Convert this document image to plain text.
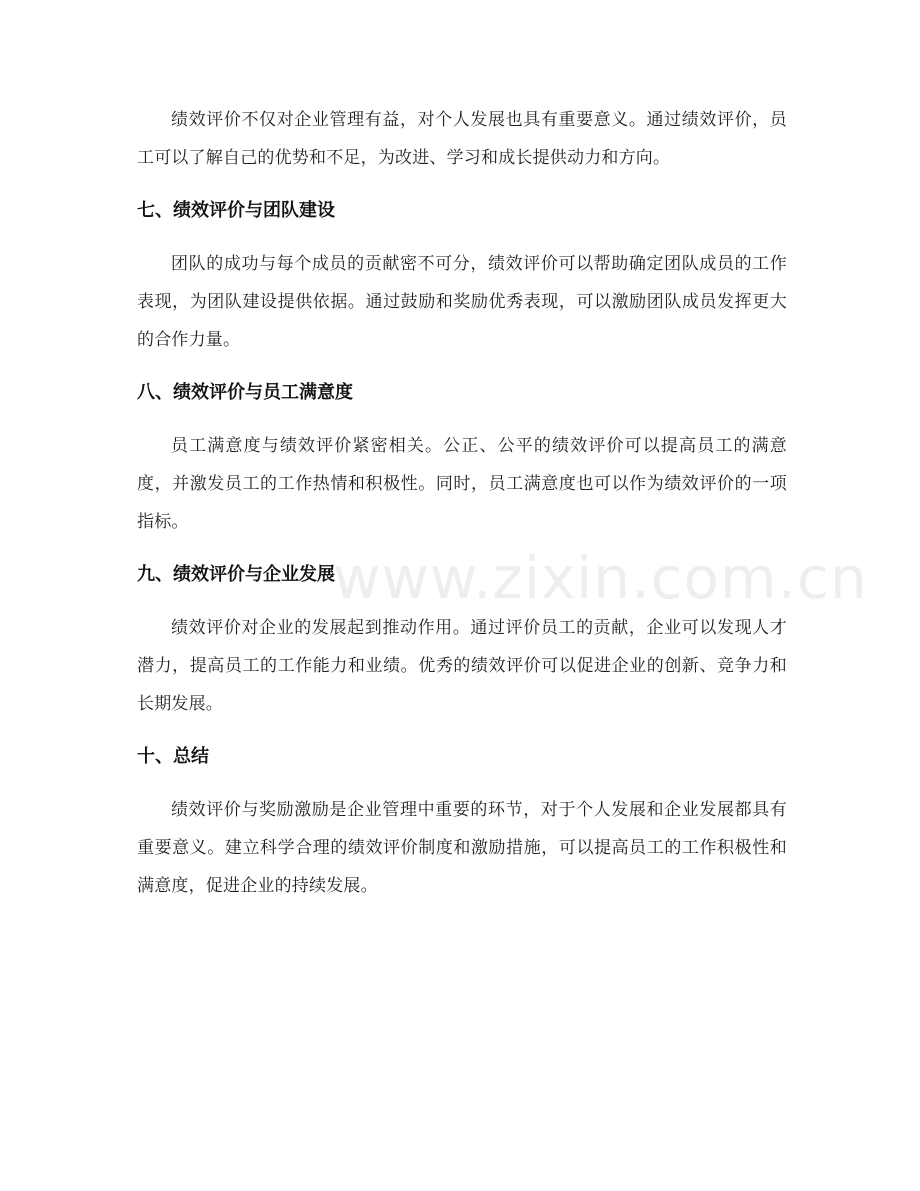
绩效评价不仅对企业管理有益，对个人发展也具有重要意义。通过绩效评价，员工可以了解自己的优势和不足，为改进、学习和成长提供动力和方向。

七、绩效评价与团队建设

团队的成功与每个成员的贡献密不可分，绩效评价可以帮助确定团队成员的工作表现，为团队建设提供依据。通过鼓励和奖励优秀表现，可以激励团队成员发挥更大的合作力量。

八、绩效评价与员工满意度

员工满意度与绩效评价紧密相关。公正、公平的绩效评价可以提高员工的满意度，并激发员工的工作热情和积极性。同时，员工满意度也可以作为绩效评价的一项指标。

九、绩效评价与企业发展

绩效评价对企业的发展起到推动作用。通过评价员工的贡献，企业可以发现人才潜力，提高员工的工作能力和业绩。优秀的绩效评价可以促进企业的创新、竞争力和长期发展。

十、总结

绩效评价与奖励激励是企业管理中重要的环节，对于个人发展和企业发展都具有重要意义。建立科学合理的绩效评价制度和激励措施，可以提高员工的工作积极性和满意度，促进企业的持续发展。

www.zixin.com.cn
